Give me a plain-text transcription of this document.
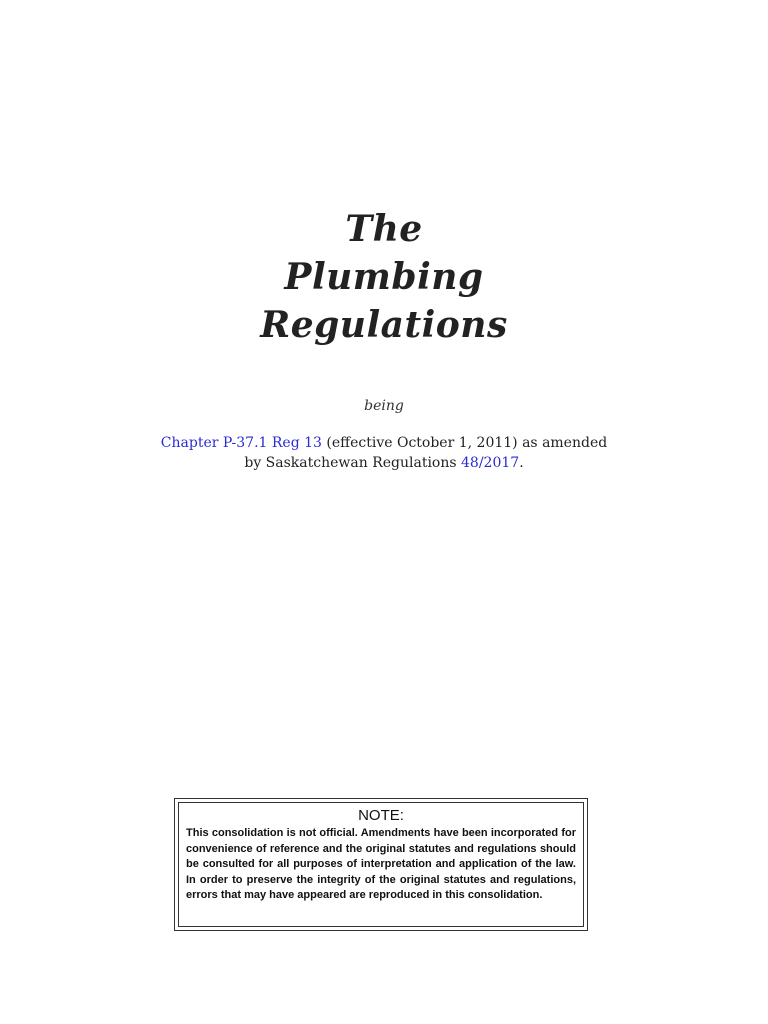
The
Plumbing
Regulations
being
Chapter P-37.1 Reg 13 (effective October 1, 2011) as amended
by Saskatchewan Regulations 48/2017.
NOTE:
This consolidation is not official. Amendments have been incorporated for convenience of reference and the original statutes and regulations should be consulted for all purposes of interpretation and application of the law. In order to preserve the integrity of the original statutes and regulations, errors that may have appeared are reproduced in this consolidation.
